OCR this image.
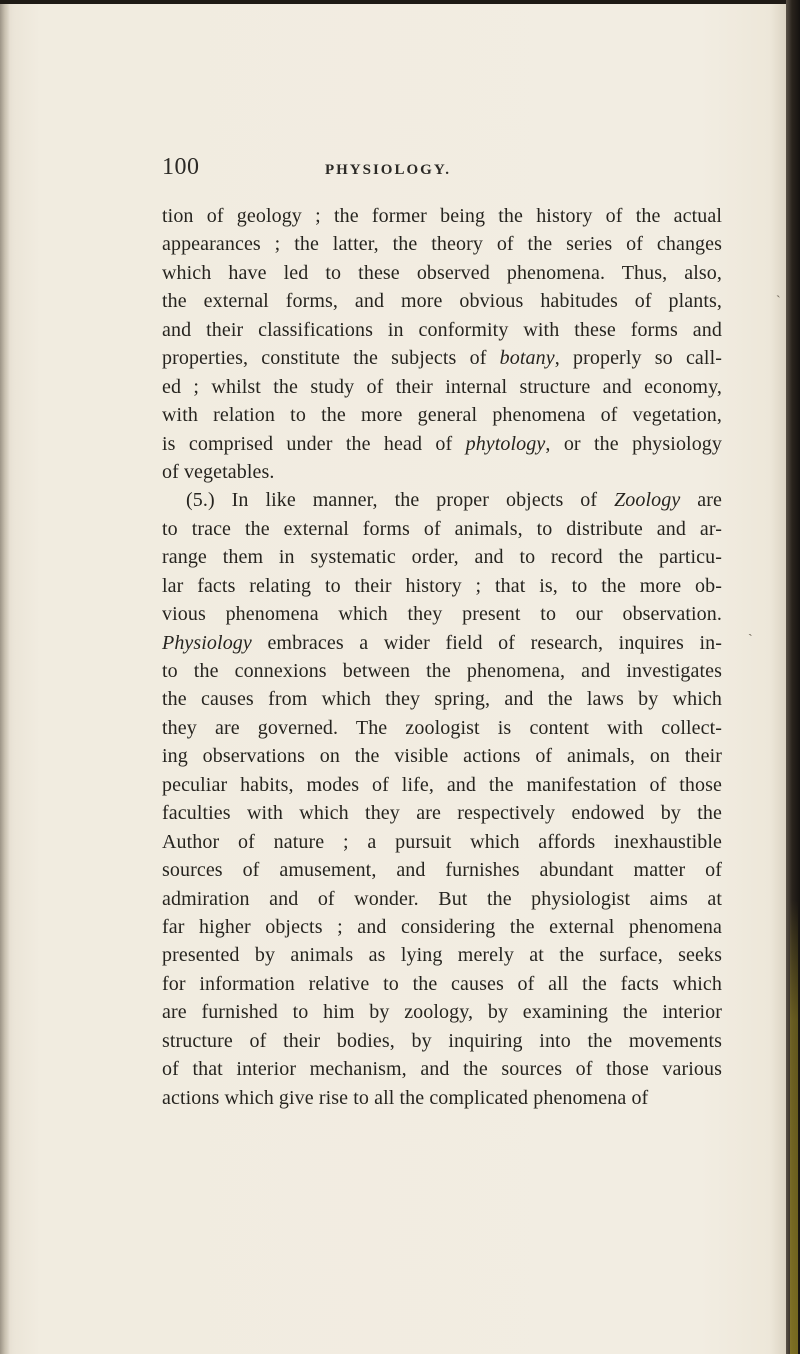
100	PHYSIOLOGY.
tion of geology ; the former being the history of the actual
appearances ; the latter, the theory of the series of changes
which have led to these observed phenomena. Thus, also,
the external forms, and more obvious habitudes of plants,
and their classifications in conformity with these forms and
properties, constitute the subjects of botany, properly so call-
ed ; whilst the study of their internal structure and economy,
with relation to the more general phenomena of vegetation,
is comprised under the head of phytology, or the physiology
of vegetables.
(5.) In like manner, the proper objects of Zoology are
to trace the external forms of animals, to distribute and ar-
range them in systematic order, and to record the particu-
lar facts relating to their history ; that is, to the more ob-
vious phenomena which they present to our observation.
Physiology embraces a wider field of research, inquires in-
to the connexions between the phenomena, and investigates
the causes from which they spring, and the laws by which
they are governed. The zoologist is content with collect-
ing observations on the visible actions of animals, on their
peculiar habits, modes of life, and the manifestation of those
faculties with which they are respectively endowed by the
Author of nature ; a pursuit which affords inexhaustible
sources of amusement, and furnishes abundant matter of
admiration and of wonder. But the physiologist aims at
far higher objects ; and considering the external phenomena
presented by animals as lying merely at the surface, seeks
for information relative to the causes of all the facts which
are furnished to him by zoology, by examining the interior
structure of their bodies, by inquiring into the movements
of that interior mechanism, and the sources of those various
actions which give rise to all the complicated phenomena of
ˋ
ˎ
